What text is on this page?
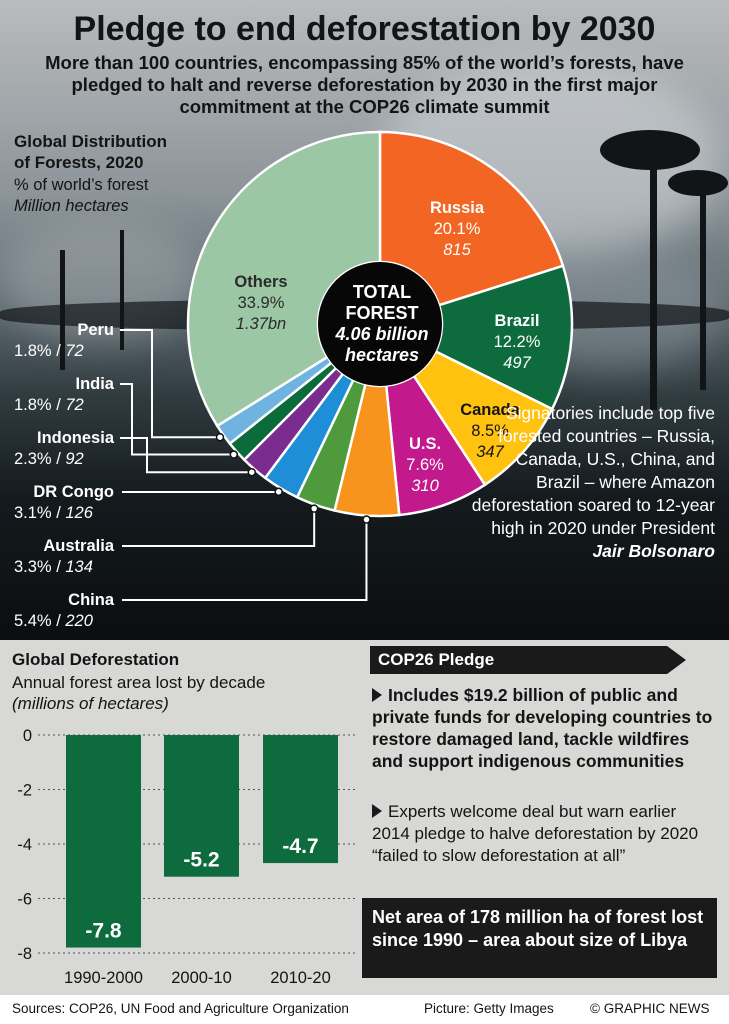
Pledge to end deforestation by 2030
More than 100 countries, encompassing 85% of the world’s forests, have pledged to halt and reverse deforestation by 2030 in the first major commitment at the COP26 climate summit
Global Distribution
of Forests, 2020
% of world’s forest
Million hectares
TOTAL
FOREST
4.06 billion hectares
Russia
20.1%
815
Brazil
12.2%
497
Canada
8.5%
347
U.S.
7.6%
310
Others
33.9%
1.37bn
Peru
1.8% / 72
India
1.8% / 72
Indonesia
2.3% / 92
DR Congo
3.1% / 126
Australia
3.3% / 134
China
5.4% / 220
Signatories include top five forested countries – Russia, Canada, U.S., China, and Brazil – where Amazon deforestation soared to 12-year high in 2020 under President Jair Bolsonaro
Global Deforestation
Annual forest area lost by decade
(millions of hectares)
-7.8
-5.2
-4.7
0
-2
-4
-6
-8
1990-2000 2000-10 2010-20
COP26 Pledge
Includes $19.2 billion of public and private funds for developing countries to restore damaged land, tackle wildfires and support indigenous communities
Experts welcome deal but warn earlier 2014 pledge to halve deforestation by 2020 “failed to slow deforestation at all”
Net area of 178 million ha of forest lost since 1990 – area about size of Libya
Sources: COP26, UN Food and Agriculture Organization	Picture: Getty Images	© GRAPHIC NEWS
